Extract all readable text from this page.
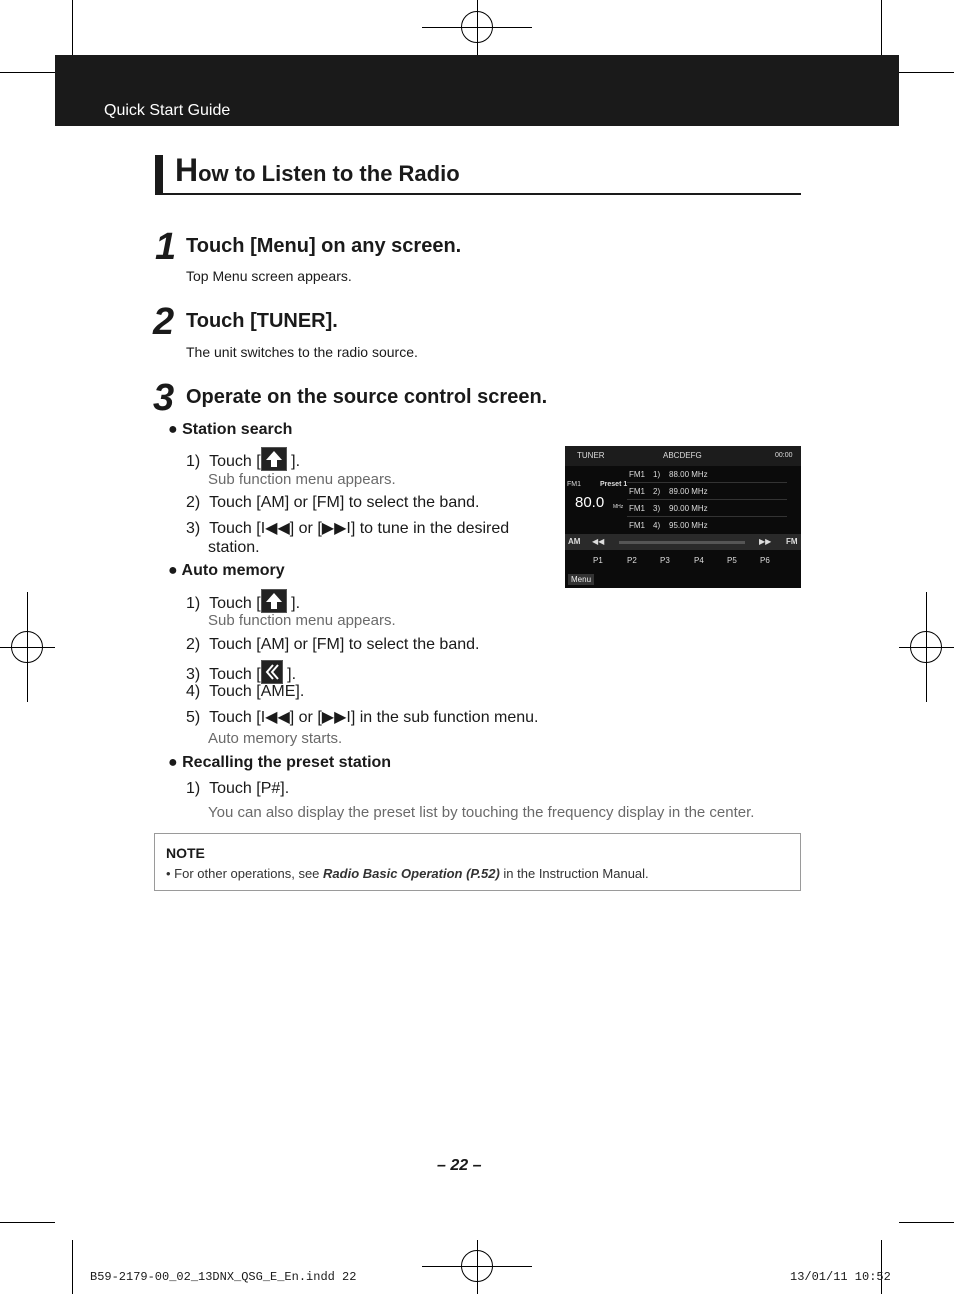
Quick Start Guide
How to Listen to the Radio
1 Touch [Menu] on any screen.
Top Menu screen appears.
2 Touch [TUNER].
The unit switches to the radio source.
3 Operate on the source control screen.
● Station search
1) Touch [
].
Sub function menu appears.
2) Touch [AM] or [FM] to select the band.
3) Touch [I◀◀] or [▶▶I] to tune in the desired
station.
● Auto memory
1) Touch [
].
Sub function menu appears.
2) Touch [AM] or [FM] to select the band.
3) Touch [
].
4) Touch [AME].
5) Touch [I◀◀] or [▶▶I] in the sub function menu.
Auto memory starts.
● Recalling the preset station
1) Touch [P#].
You can also display the preset list by touching the frequency display in the center.
TUNER	ABCDEFG	00:00
FM1	Preset 1
80.0 MHz
FM1 1) 88.00 MHz
FM1 2) 89.00 MHz
FM1 3) 90.00 MHz
FM1 4) 95.00 MHz
AM ◀◀	▶▶ FM
P1	P2	P3	P4	P5	P6
Menu
NOTE
• For other operations, see Radio Basic Operation (P.52) in the Instruction Manual.
– 22 –
B59-2179-00_02_13DNX_QSG_E_En.indd 22	13/01/11 10:52
